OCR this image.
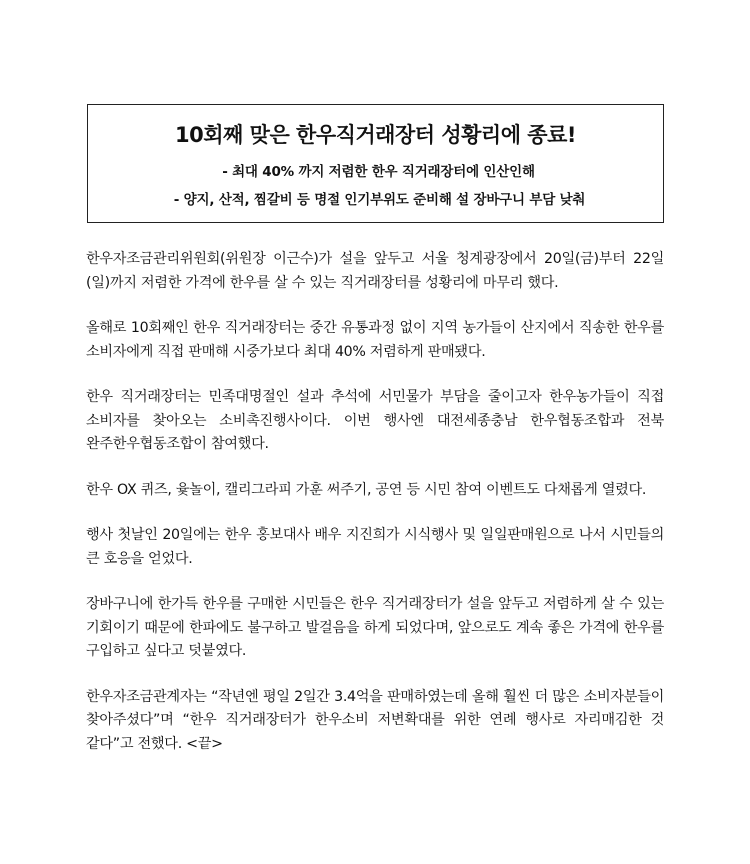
10회째 맞은 한우직거래장터 성황리에 종료!
- 최대 40% 까지 저렴한 한우 직거래장터에 인산인해
- 양지, 산적, 찜갈비 등 명절 인기부위도 준비해 설 장바구니 부담 낮춰

한우자조금관리위원회(위원장 이근수)가 설을 앞두고 서울 청계광장에서 20일(금)부터 22일(일)까지 저렴한 가격에 한우를 살 수 있는 직거래장터를 성황리에 마무리 했다.

올해로 10회째인 한우 직거래장터는 중간 유통과정 없이 지역 농가들이 산지에서 직송한 한우를 소비자에게 직접 판매해 시중가보다 최대 40% 저렴하게 판매됐다.

한우 직거래장터는 민족대명절인 설과 추석에 서민물가 부담을 줄이고자 한우농가들이 직접 소비자를 찾아오는 소비촉진행사이다. 이번 행사엔 대전세종충남 한우협동조합과 전북 완주한우협동조합이 참여했다.

한우 OX 퀴즈, 윷놀이, 캘리그라피 가훈 써주기, 공연 등 시민 참여 이벤트도 다채롭게 열렸다.

행사 첫날인 20일에는 한우 홍보대사 배우 지진희가 시식행사 및 일일판매원으로 나서 시민들의 큰 호응을 얻었다.

장바구니에 한가득 한우를 구매한 시민들은 한우 직거래장터가 설을 앞두고 저렴하게 살 수 있는 기회이기 때문에 한파에도 불구하고 발걸음을 하게 되었다며, 앞으로도 계속 좋은 가격에 한우를 구입하고 싶다고 덧붙였다.

한우자조금관계자는 “작년엔 평일 2일간 3.4억을 판매하였는데 올해 훨씬 더 많은 소비자분들이 찾아주셨다”며 “한우 직거래장터가 한우소비 저변확대를 위한 연례 행사로 자리매김한 것 같다”고 전했다. <끝>
